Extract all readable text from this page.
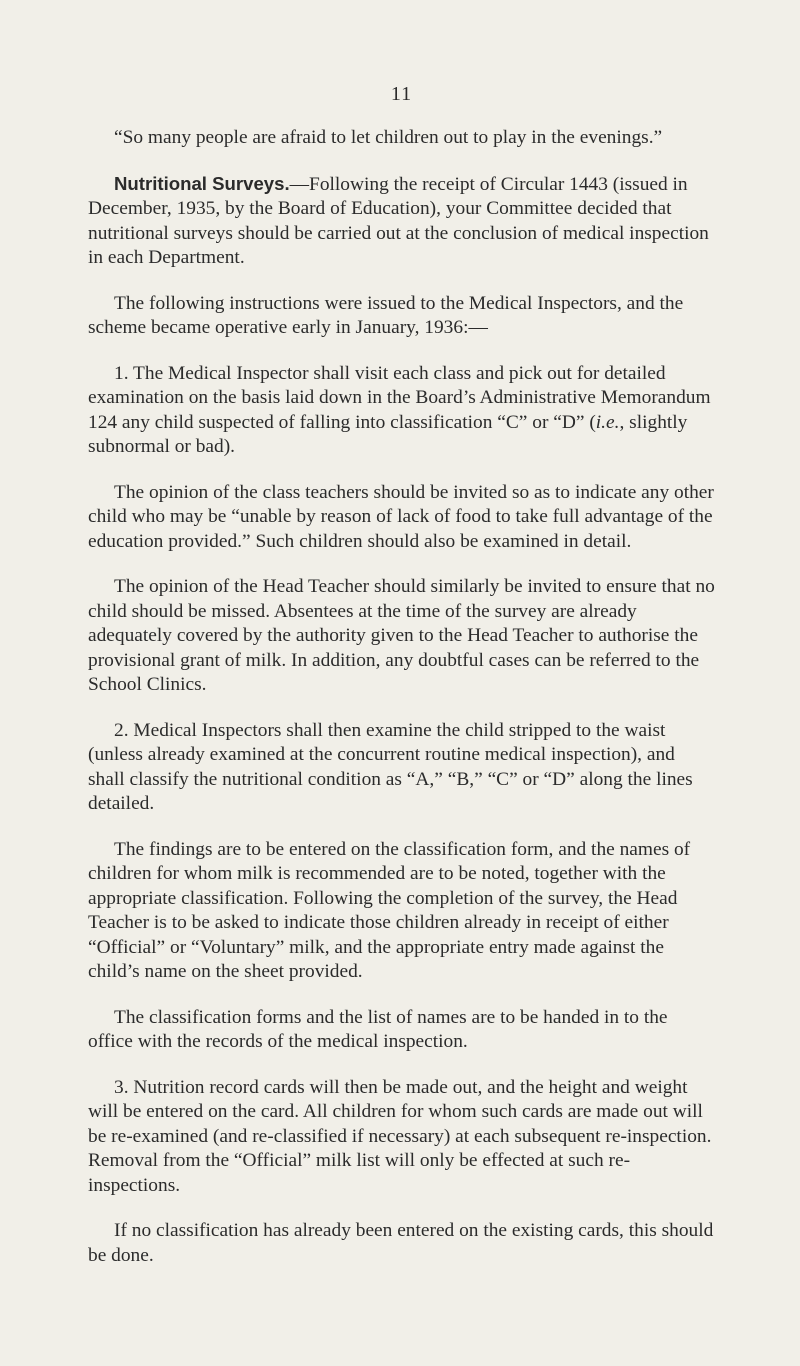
11

“So many people are afraid to let children out to play in the evenings.”

Nutritional Surveys.—Following the receipt of Circular 1443 (issued in December, 1935, by the Board of Education), your Committee decided that nutritional surveys should be carried out at the conclusion of medical inspection in each Department.

The following instructions were issued to the Medical Inspectors, and the scheme became operative early in January, 1936:—

1. The Medical Inspector shall visit each class and pick out for detailed examination on the basis laid down in the Board’s Administrative Memorandum 124 any child suspected of falling into classification “C” or “D” (i.e., slightly subnormal or bad).

The opinion of the class teachers should be invited so as to indicate any other child who may be “unable by reason of lack of food to take full advantage of the education provided.” Such children should also be examined in detail.

The opinion of the Head Teacher should similarly be invited to ensure that no child should be missed. Absentees at the time of the survey are already adequately covered by the authority given to the Head Teacher to authorise the provisional grant of milk. In addition, any doubtful cases can be referred to the School Clinics.

2. Medical Inspectors shall then examine the child stripped to the waist (unless already examined at the concurrent routine medical inspection), and shall classify the nutritional condition as “A,” “B,” “C” or “D” along the lines detailed.

The findings are to be entered on the classification form, and the names of children for whom milk is recommended are to be noted, together with the appropriate classification. Following the completion of the survey, the Head Teacher is to be asked to indicate those children already in receipt of either “Official” or “Voluntary” milk, and the appropriate entry made against the child’s name on the sheet provided.

The classification forms and the list of names are to be handed in to the office with the records of the medical inspection.

3. Nutrition record cards will then be made out, and the height and weight will be entered on the card. All children for whom such cards are made out will be re-examined (and re-classified if necessary) at each subsequent re-inspection. Removal from the “Official” milk list will only be effected at such re-inspections.

If no classification has already been entered on the existing cards, this should be done.
